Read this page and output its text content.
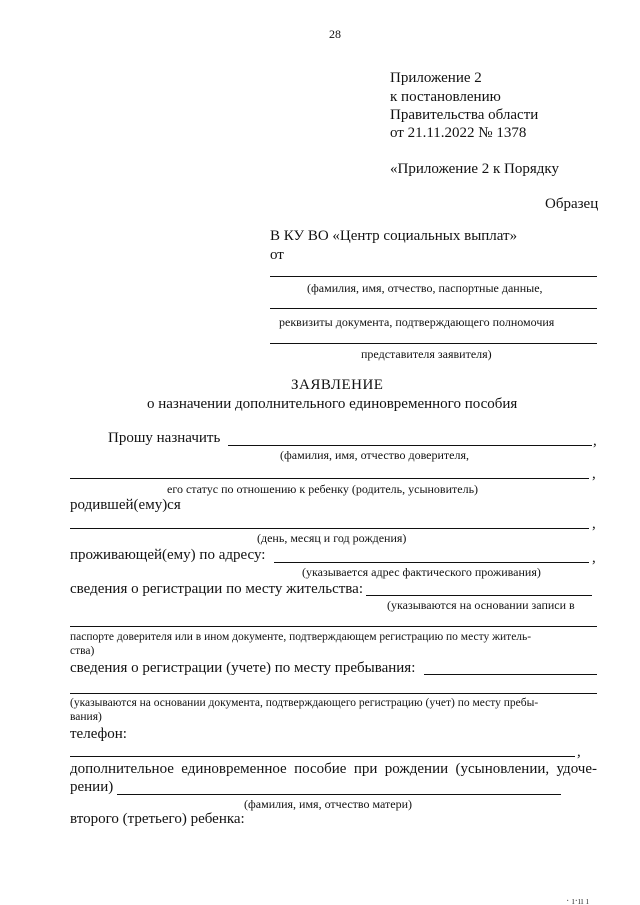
28
Приложение 2
к постановлению
Правительства области
от 21.11.2022 № 1378
«Приложение 2 к Порядку
Образец
В КУ ВО «Центр социальных выплат»
от
(фамилия, имя, отчество, паспортные данные,
реквизиты документа, подтверждающего полномочия
представителя заявителя)
ЗАЯВЛЕНИЕ
о назначении дополнительного единовременного пособия
Прошу назначить	,
(фамилия, имя, отчество доверителя,
,
его статус по отношению к ребенку (родитель, усыновитель)
родившей(ему)ся
,
(день, месяц и год рождения)
проживающей(ему) по адресу:	,
(указывается адрес фактического проживания)
сведения о регистрации по месту жительства:
(указываются на основании записи в
паспорте доверителя или в ином документе, подтверждающем регистрацию по месту житель-
ства)
сведения о регистрации (учете) по месту пребывания:
(указываются на основании документа, подтверждающего регистрацию (учет) по месту пребы-
вания)
телефон:
,
дополнительное единовременное пособие при рождении (усыновлении, удоче-
рении)
(фамилия, имя, отчество матери)
второго (третьего) ребенка:
· ı·ıı ı
